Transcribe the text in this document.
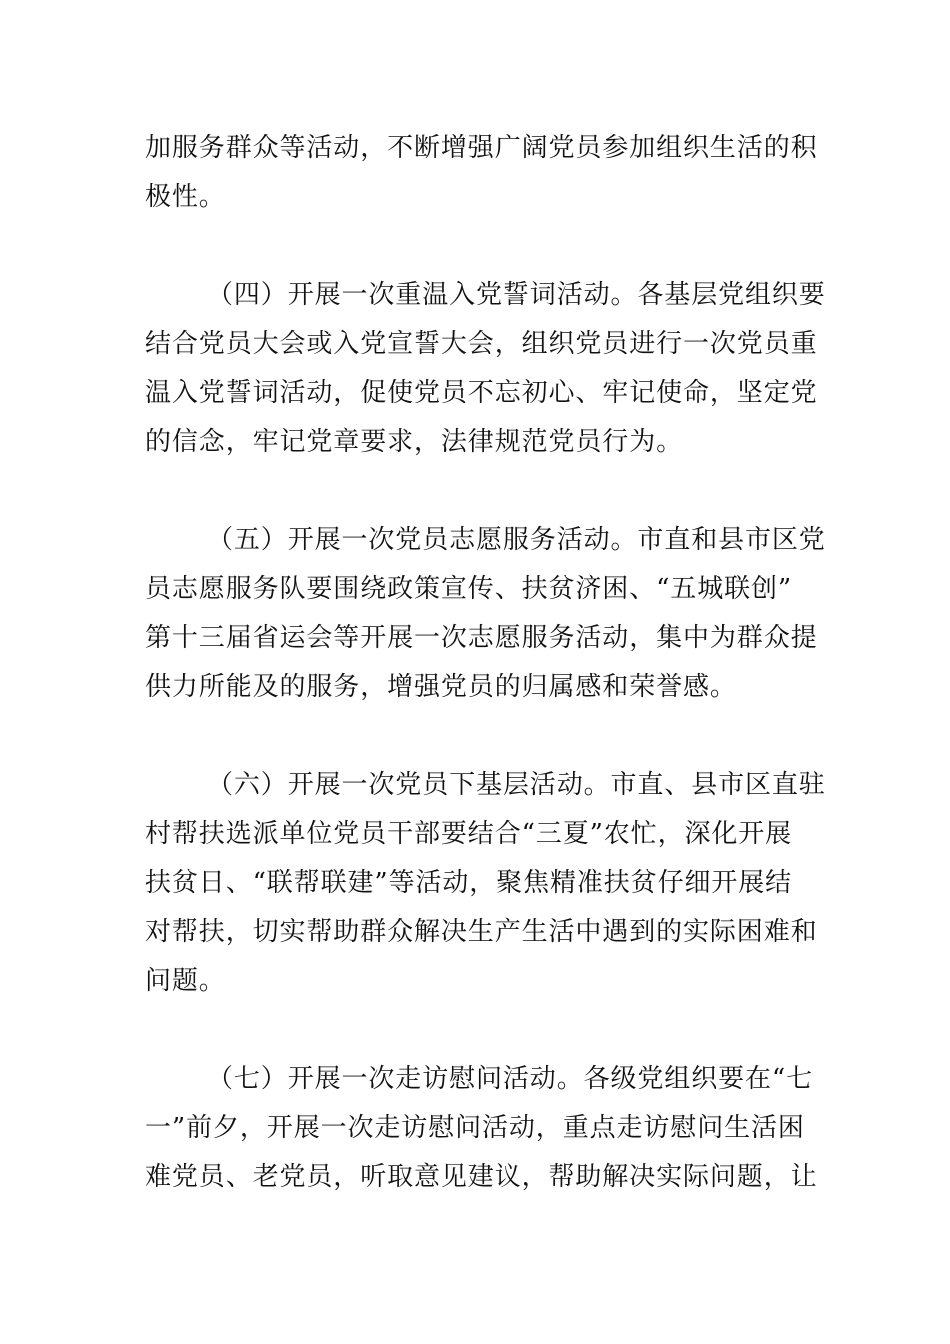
加服务群众等活动，不断增强广阔党员参加组织生活的积
极性。

（四）开展一次重温入党誓词活动。各基层党组织要
结合党员大会或入党宣誓大会，组织党员进行一次党员重
温入党誓词活动，促使党员不忘初心、牢记使命，坚定党
的信念，牢记党章要求，法律规范党员行为。

（五）开展一次党员志愿服务活动。市直和县市区党
员志愿服务队要围绕政策宣传、扶贫济困、“五城联创”
第十三届省运会等开展一次志愿服务活动，集中为群众提
供力所能及的服务，增强党员的归属感和荣誉感。

（六）开展一次党员下基层活动。市直、县市区直驻
村帮扶选派单位党员干部要结合“三夏”农忙，深化开展
扶贫日、“联帮联建”等活动，聚焦精准扶贫仔细开展结
对帮扶，切实帮助群众解决生产生活中遇到的实际困难和
问题。

（七）开展一次走访慰问活动。各级党组织要在“七
一”前夕，开展一次走访慰问活动，重点走访慰问生活困
难党员、老党员，听取意见建议，帮助解决实际问题，让
